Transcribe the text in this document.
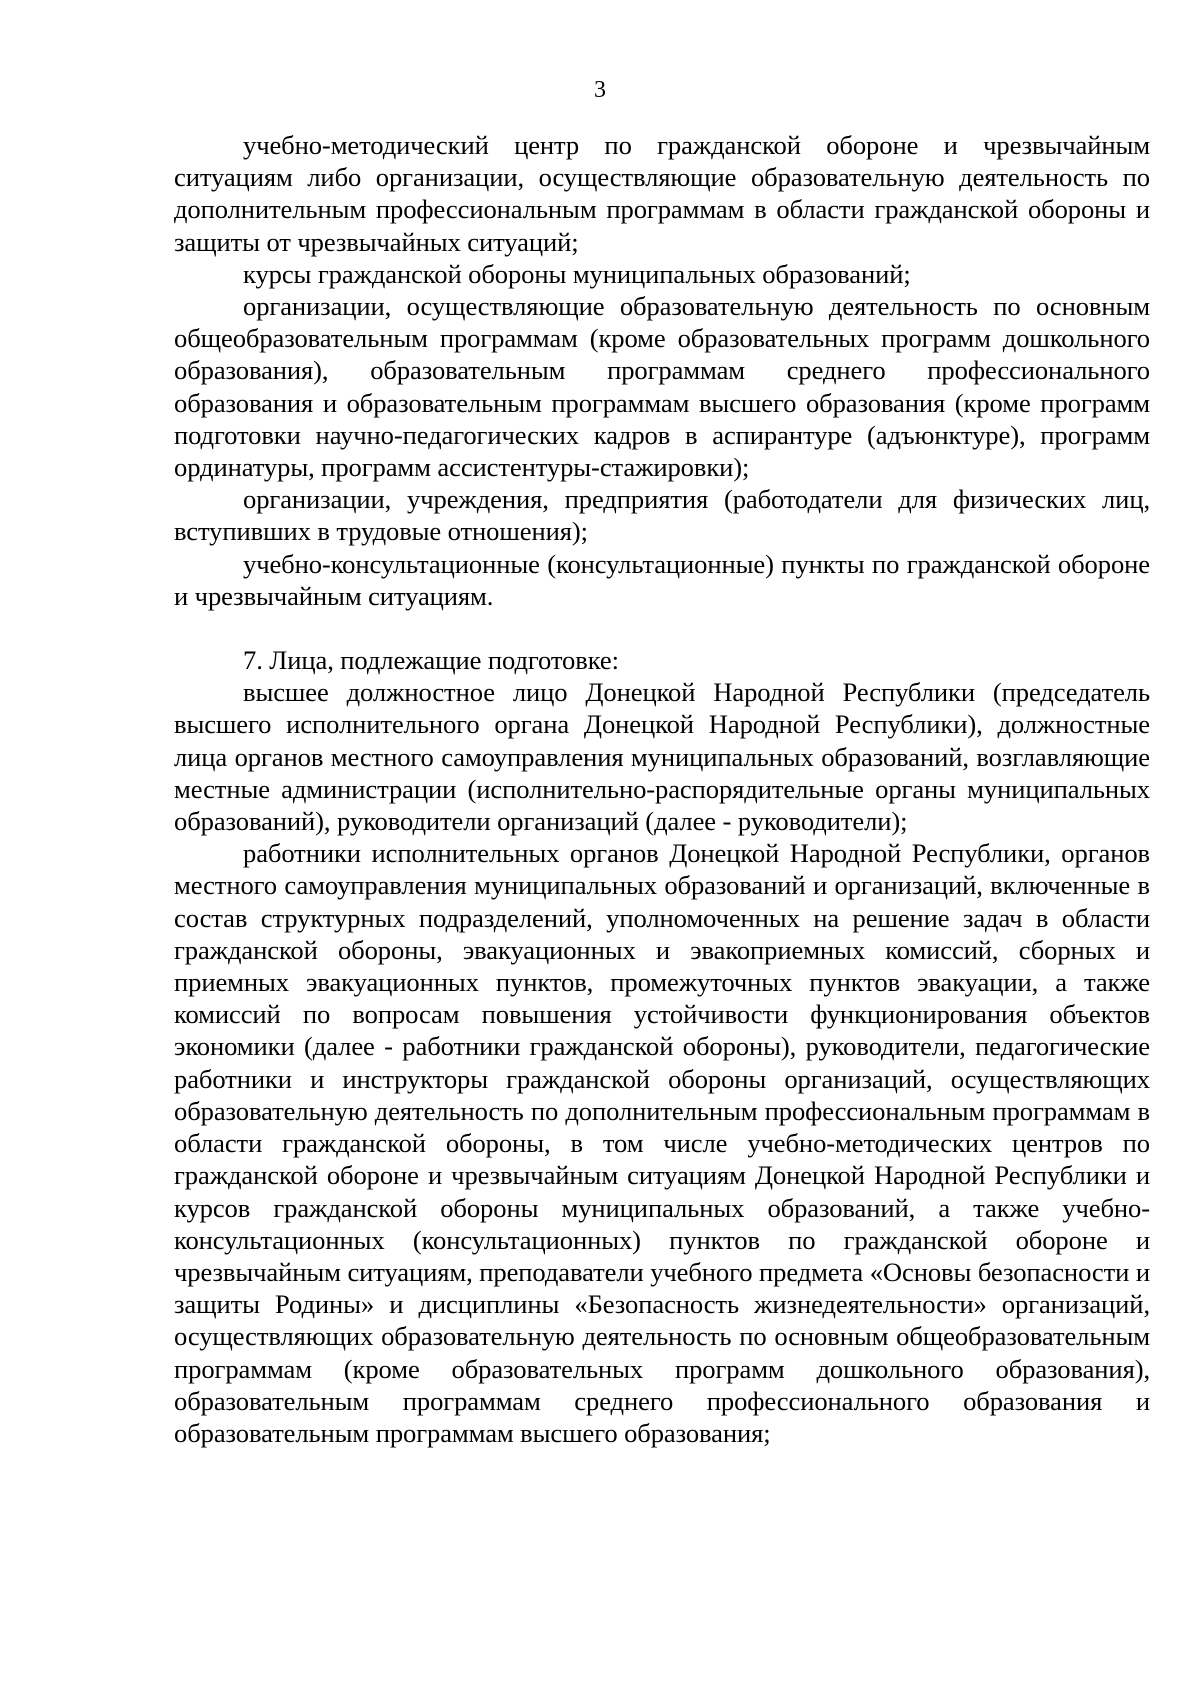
3

учебно-методический центр по гражданской обороне и чрезвычайным ситуациям либо организации, осуществляющие образовательную деятельность по дополнительным профессиональным программам в области гражданской обороны и защиты от чрезвычайных ситуаций;

курсы гражданской обороны муниципальных образований;

организации, осуществляющие образовательную деятельность по основным общеобразовательным программам (кроме образовательных программ дошкольного образования), образовательным программам среднего профессионального образования и образовательным программам высшего образования (кроме программ подготовки научно-педагогических кадров в аспирантуре (адъюнктуре), программ ординатуры, программ ассистентуры-стажировки);

организации, учреждения, предприятия (работодатели для физических лиц, вступивших в трудовые отношения);

учебно-консультационные (консультационные) пункты по гражданской обороне и чрезвычайным ситуациям.

7. Лица, подлежащие подготовке:

высшее должностное лицо Донецкой Народной Республики (председатель высшего исполнительного органа Донецкой Народной Республики), должностные лица органов местного самоуправления муниципальных образований, возглавляющие местные администрации (исполнительно-распорядительные органы муниципальных образований), руководители организаций (далее - руководители);

работники исполнительных органов Донецкой Народной Республики, органов местного самоуправления муниципальных образований и организаций, включенные в состав структурных подразделений, уполномоченных на решение задач в области гражданской обороны, эвакуационных и эвакоприемных комиссий, сборных и приемных эвакуационных пунктов, промежуточных пунктов эвакуации, а также комиссий по вопросам повышения устойчивости функционирования объектов экономики (далее - работники гражданской обороны), руководители, педагогические работники и инструкторы гражданской обороны организаций, осуществляющих образовательную деятельность по дополнительным профессиональным программам в области гражданской обороны, в том числе учебно-методических центров по гражданской обороне и чрезвычайным ситуациям Донецкой Народной Республики и курсов гражданской обороны муниципальных образований, а также учебно-консультационных (консультационных) пунктов по гражданской обороне и чрезвычайным ситуациям, преподаватели учебного предмета «Основы безопасности и защиты Родины» и дисциплины «Безопасность жизнедеятельности» организаций, осуществляющих образовательную деятельность по основным общеобразовательным программам (кроме образовательных программ дошкольного образования), образовательным программам среднего профессионального образования и образовательным программам высшего образования;
